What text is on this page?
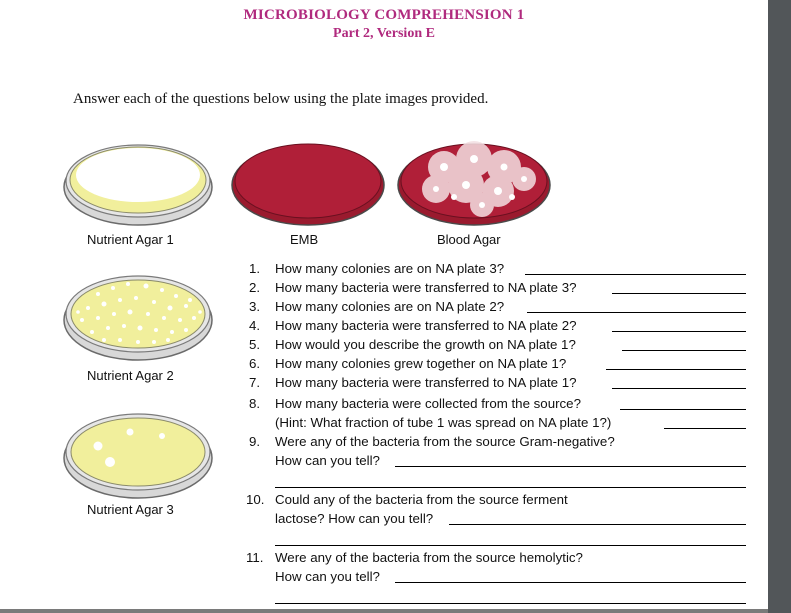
MICROBIOLOGY COMPREHENSION 1
Part 2, Version E
Answer each of the questions below using the plate images provided.
Nutrient Agar 1	EMB	Blood Agar
Nutrient Agar 2
Nutrient Agar 3
1.	How many colonies are on NA plate 3?
2.	How many bacteria were transferred to NA plate 3?
3.	How many colonies are on NA plate 2?
4.	How many bacteria were transferred to NA plate 2?
5.	How would you describe the growth on NA plate 1?
6.	How many colonies grew together on NA plate 1?
7.	How many bacteria were transferred to NA plate 1?
8.	How many bacteria were collected from the source?
(Hint: What fraction of tube 1 was spread on NA plate 1?)
9.	Were any of the bacteria from the source Gram-negative?
How can you tell?
10. Could any of the bacteria from the source ferment
lactose? How can you tell?
11. Were any of the bacteria from the source hemolytic?
How can you tell?
